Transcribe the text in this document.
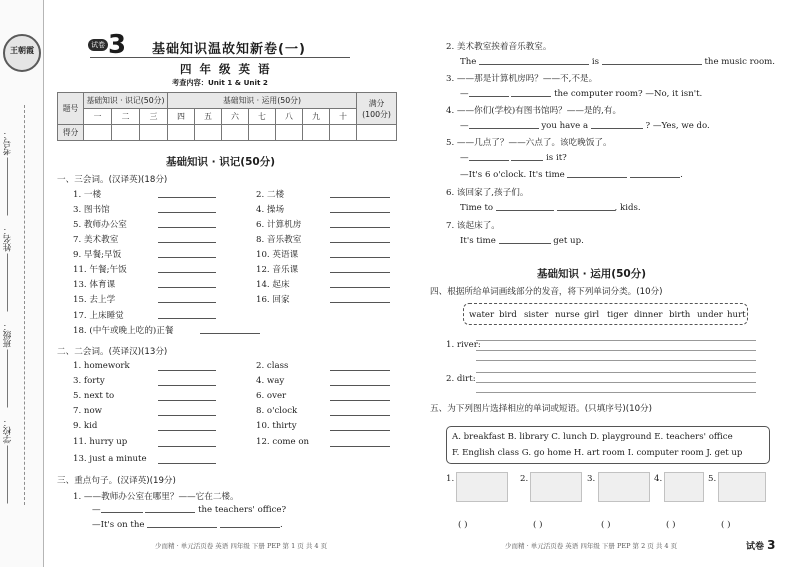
王朝霞
考号：
姓名：
班级：
学校：
试卷 3 基础知识温故知新卷(一)
四 年 级 英 语
考查内容：Unit 1 & Unit 2
题号	基础知识 · 识记(50分)			基础知识 · 运用(50分)							满分
(100分)
	一	二	三	四	五	六	七	八	九	十	
得分											
基础知识 · 识记(50分)
一、三会词。(汉译英)(18分)
1. 一楼	2. 二楼
3. 图书馆	4. 操场
5. 教师办公室	6. 计算机房
7. 美术教室	8. 音乐教室
9. 早餐;早饭	10. 英语课
11. 午餐;午饭	12. 音乐课
13. 体育课	14. 起床
15. 去上学	16. 回家
17. 上床睡觉
18. (中午或晚上吃的)正餐
二、二会词。(英译汉)(13分)
1. homework	2. class
3. forty	4. way
5. next to	6. over
7. now	8. o'clock
9. kid	10. thirty
11. hurry up	12. come on
13. just a minute
三、重点句子。(汉译英)(19分)
1. ——教师办公室在哪里？——它在二楼。
—	the teachers' office?
—It's on the	.
少而精 · 单元活页卷 英语 四年级 下册 PEP 第 1 页 共 4 页
2. 美术教室挨着音乐教室。
The	is	the music room.
3. ——那是计算机房吗？——不,不是。
—	the computer room? —No, it isn't.
4. ——你们(学校)有图书馆吗？——是的,有。
—	you have a	? —Yes, we do.
5. ——几点了？——六点了。该吃晚饭了。
—	is it?
—It's 6 o'clock. It's time	.
6. 该回家了,孩子们。
Time to	, kids.
7. 该起床了。
It's time	get up.
基础知识 · 运用(50分)
四、根据所给单词画线部分的发音，将下列单词分类。(10分)
water bird sister nurse girl tiger dinner birth under hurt
1. river:
2. dirt:
五、为下列图片选择相应的单词或短语。(只填序号)(10分)
A. breakfast B. library C. lunch D. playground E. teachers' office
F. English class G. go home H. art room I. computer room J. get up
1.	2.	3.	4.	5.
( )	( )	( )	( )	( )
少而精 · 单元活页卷 英语 四年级 下册 PEP 第 2 页 共 4 页	试卷 3
